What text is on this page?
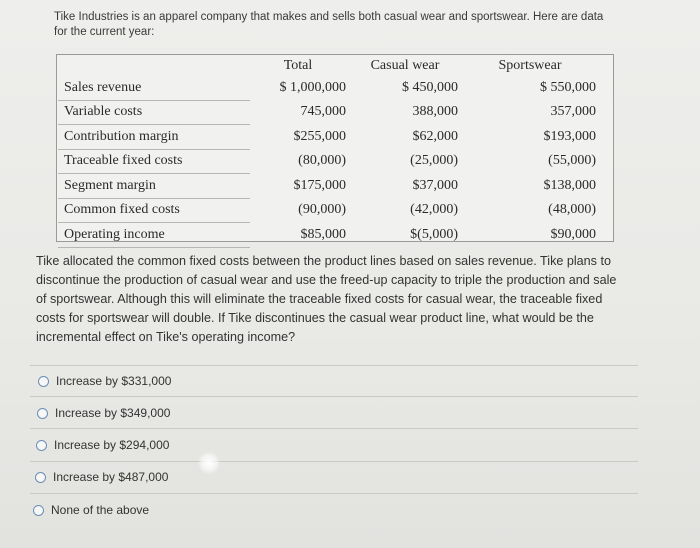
Tike Industries is an apparel company that makes and sells both casual wear and sportswear. Here are data for the current year:
	Total	Casual wear	Sportswear
Sales revenue	$ 1,000,000	$ 450,000	$ 550,000
Variable costs	745,000	388,000	357,000
Contribution margin	$255,000	$62,000	$193,000
Traceable fixed costs	(80,000)	(25,000)	(55,000)
Segment margin	$175,000	$37,000	$138,000
Common fixed costs	(90,000)	(42,000)	(48,000)
Operating income	$85,000	$(5,000)	$90,000
Tike allocated the common fixed costs between the product lines based on sales revenue. Tike plans to discontinue the production of casual wear and use the freed-up capacity to triple the production and sale of sportswear. Although this will eliminate the traceable fixed costs for casual wear, the traceable fixed costs for sportswear will double. If Tike discontinues the casual wear product line, what would be the incremental effect on Tike's operating income?
Increase by $331,000
Increase by $349,000
Increase by $294,000
Increase by $487,000
None of the above
